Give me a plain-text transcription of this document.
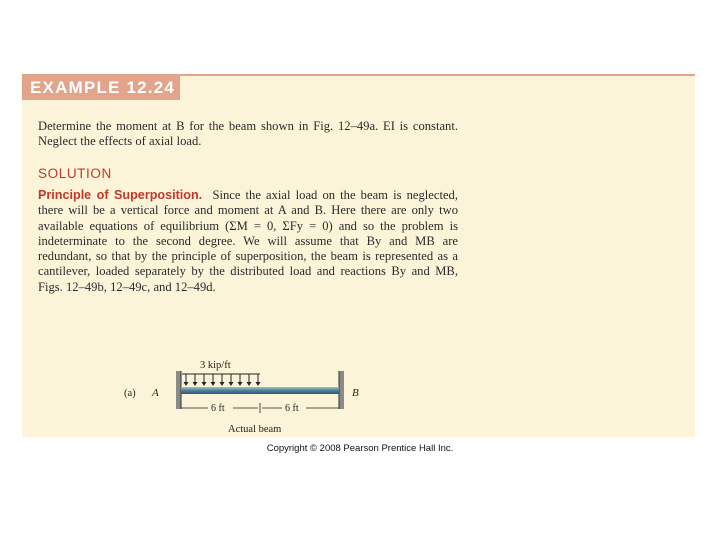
EXAMPLE 12.24
Determine the moment at B for the beam shown in Fig. 12–49a. EI is constant. Neglect the effects of axial load.
SOLUTION
Principle of Superposition. Since the axial load on the beam is neglected, there will be a vertical force and moment at A and B. Here there are only two available equations of equilibrium (ΣM = 0, ΣFy = 0) and so the problem is indeterminate to the second degree. We will assume that By and MB are redundant, so that by the principle of superposition, the beam is represented as a cantilever, loaded separately by the distributed load and reactions By and MB, Figs. 12–49b, 12–49c, and 12–49d.
3 kip/ft
(a) A	B
6 ft	6 ft
Actual beam
Copyright © 2008 Pearson Prentice Hall Inc.
